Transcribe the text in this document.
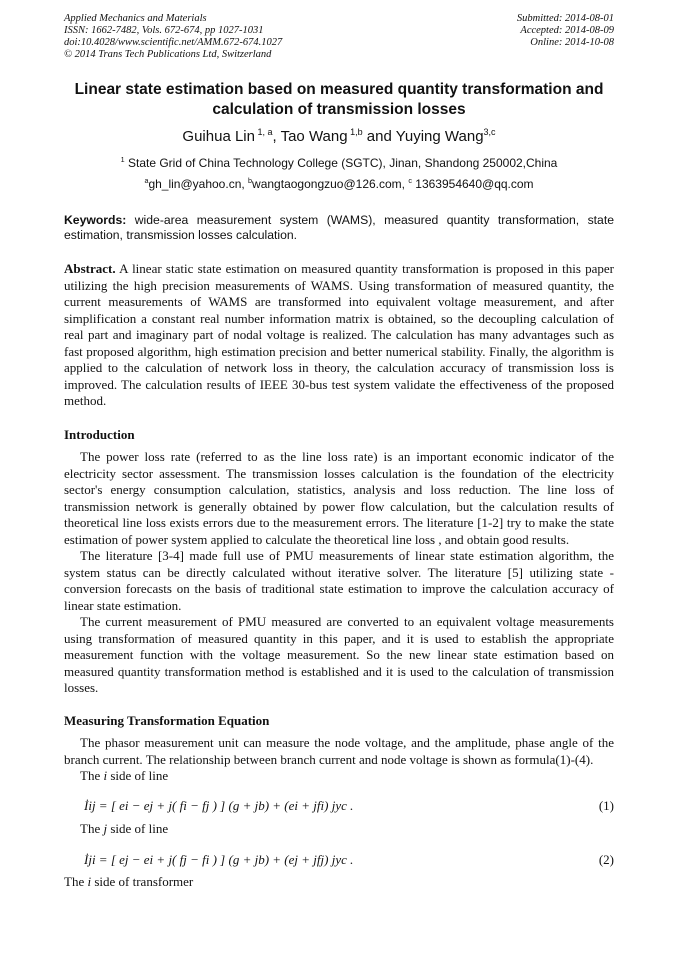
Applied Mechanics and Materials
ISSN: 1662-7482, Vols. 672-674, pp 1027-1031
doi:10.4028/www.scientific.net/AMM.672-674.1027
© 2014 Trans Tech Publications Ltd, Switzerland
Submitted: 2014-08-01
Accepted: 2014-08-09
Online: 2014-10-08
Linear state estimation based on measured quantity transformation and calculation of transmission losses
Guihua Lin $^{1, a}$, Tao Wang $^{1,b}$ and Yuying Wang$^{3,c}$
$^1$ State Grid of China Technology College (SGTC), Jinan, Shandong 250002,China
$^a$gh_lin@yahoo.cn, $^b$wangtaogongzuo@126.com, $^c$ 1363954640@qq.com
Keywords: wide-area measurement system (WAMS), measured quantity transformation, state estimation, transmission losses calculation.

Abstract. A linear static state estimation on measured quantity transformation is proposed in this paper utilizing the high precision measurements of WAMS. Using transformation of measured quantity, the current measurements of WAMS are transformed into equivalent voltage measurement, and after simplification a constant real number information matrix is obtained, so the decoupling calculation of real part and imaginary part of nodal voltage is realized. The calculation has many advantages such as fast proposed algorithm, high estimation precision and better numerical stability. Finally, the algorithm is applied to the calculation of network loss in theory, the calculation accuracy of transmission loss is improved. The calculation results of IEEE 30-bus test system validate the effectiveness of the proposed method.

Introduction

The power loss rate (referred to as the line loss rate) is an important economic indicator of the electricity sector assessment. The transmission losses calculation is the foundation of the electricity sector's energy consumption calculation, statistics, analysis and loss reduction. The line loss of transmission network is generally obtained by power flow calculation, but the calculation results of theoretical line loss exists errors due to the measurement errors. The literature [1-2] try to make the state estimation of power system applied to calculate the theoretical line loss , and obtain good results.

The literature [3-4] made full use of PMU measurements of linear state estimation algorithm, the system status can be directly calculated without iterative solver. The literature [5] utilizing state -conversion forecasts on the basis of traditional state estimation to improve the calculation accuracy of linear state estimation.

The current measurement of PMU measured are converted to an equivalent voltage measurements using transformation of measured quantity in this paper, and it is used to establish the appropriate measurement function with the voltage measurement. So the new linear state estimation based on measured quantity transformation method is established and it is used to the calculation of transmission losses.

Measuring Transformation Equation

The phasor measurement unit can measure the node voltage, and the amplitude, phase angle of the branch current. The relationship between branch current and node voltage is shown as formula(1)-(4).

The i side of line
İij = [ ei − ej + j( fi − fj ) ] (g + jb) + (ei + jfi) jyc .	(1)
The j side of line
İji = [ ej − ei + j( fj − fi ) ] (g + jb) + (ej + jfj) jyc .	(2)
The i side of transformer
